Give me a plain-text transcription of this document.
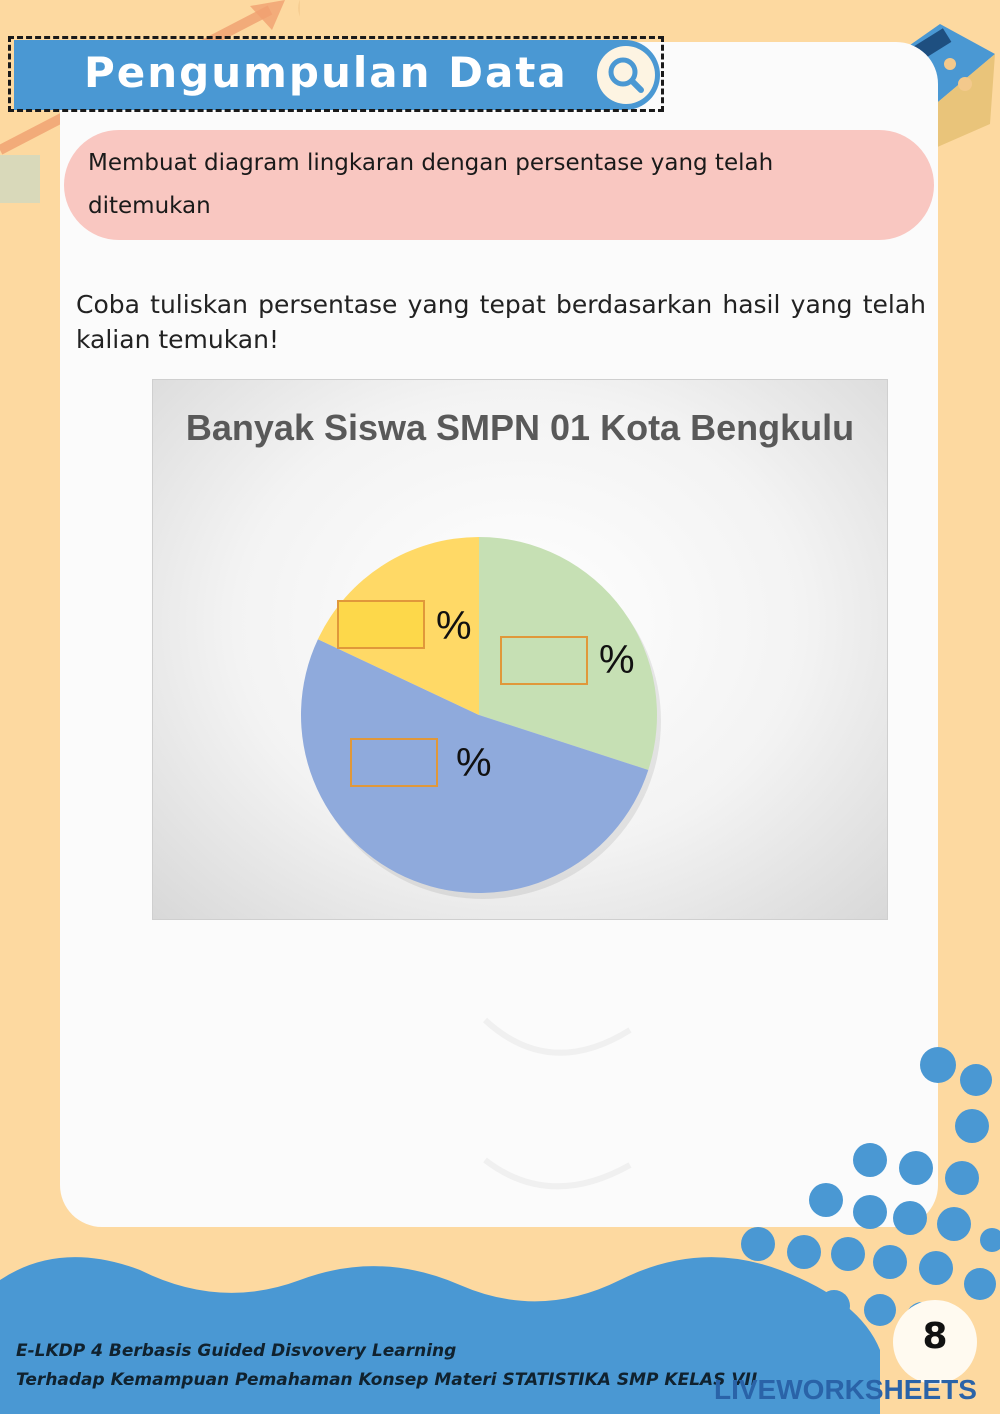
Pengumpulan Data
Membuat diagram lingkaran dengan persentase yang telah ditemukan
Coba tuliskan persentase yang tepat berdasarkan hasil yang telah kalian temukan!
Banyak Siswa SMPN 01 Kota Bengkulu
%
%
%
E-LKDP 4 Berbasis Guided Disvovery Learning
Terhadap Kemampuan Pemahaman Konsep Materi STATISTIKA SMP KELAS VII
8
LIVEWORKSHEETS
